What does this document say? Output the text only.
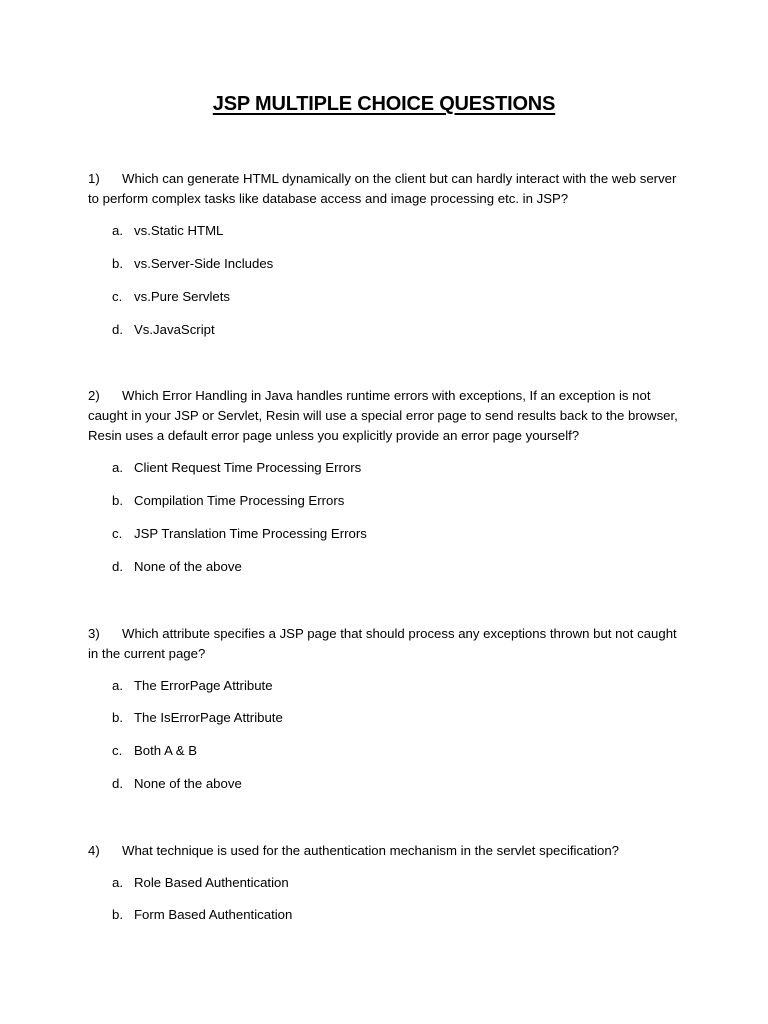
JSP MULTIPLE CHOICE QUESTIONS
1) Which can generate HTML dynamically on the client but can hardly interact with the web server to perform complex tasks like database access and image processing etc. in JSP?
a. vs.Static HTML
b. vs.Server-Side Includes
c. vs.Pure Servlets
d. Vs.JavaScript
2) Which Error Handling in Java handles runtime errors with exceptions, If an exception is not caught in your JSP or Servlet, Resin will use a special error page to send results back to the browser, Resin uses a default error page unless you explicitly provide an error page yourself?
a. Client Request Time Processing Errors
b. Compilation Time Processing Errors
c. JSP Translation Time Processing Errors
d. None of the above
3) Which attribute specifies a JSP page that should process any exceptions thrown but not caught in the current page?
a. The ErrorPage Attribute
b. The IsErrorPage Attribute
c. Both A & B
d. None of the above
4) What technique is used for the authentication mechanism in the servlet specification?
a. Role Based Authentication
b. Form Based Authentication
